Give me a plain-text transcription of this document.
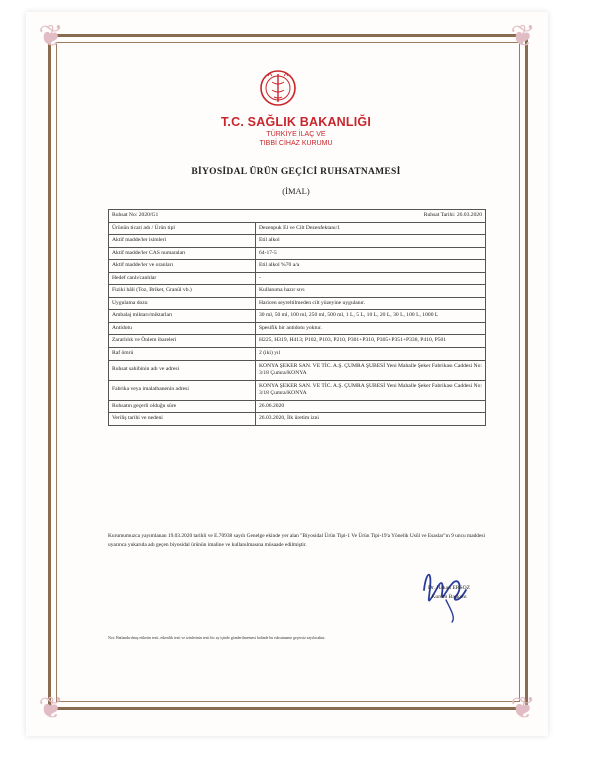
❦	❦
❦	❦
T.C. SAĞLIK BAKANLIĞI
TÜRKİYE İLAÇ VE
TIBBİ CİHAZ KURUMU
BİYOSİDAL ÜRÜN GEÇİCİ RUHSATNAMESİ
(İMAL)
Ruhsat No: 2020/G1 Ruhsat Tarihi: 26.03.2020	

Ürünün ticari adı / Ürün tipi	Dezenpuk El ve Cilt Dezenfektanı/1
Aktif madde/ler isimleri	Etil alkol
Aktif madde/ler CAS numaraları	64-17-5
Aktif madde/ler ve oranları	Etil alkol %70 a/a
Hedef canlı/canlılar	-
Fiziki hâli (Toz, Briket, Granül vb.)	Kullanıma hazır sıvı
Uygulama dozu	Haricen seyreltilmeden cilt yüzeyine uygulanır.
Ambalaj miktarı/miktarları	30 ml, 50 ml, 100 ml, 250 ml, 500 ml, 1 L, 5 L, 10 L, 20 L, 30 L, 100 L, 1000 L
Antidotu	Spesifik bir antidotu yoktur.
Zararlılık ve Önlem ibareleri	H225, H319, H413; P102, P103, P210, P301+P310, P305+P351+P338, P410, P501
Raf ömrü	2 (iki) yıl
Ruhsat sahibinin adı ve adresi	KONYA ŞEKER SAN. VE TİC. A.Ş. ÇUMRA ŞUBESİ Yeni Mahalle Şeker Fabrikası Caddesi No: 3/18 Çumra/KONYA
Fabrika veya imalathanenin adresi	KONYA ŞEKER SAN. VE TİC. A.Ş. ÇUMRA ŞUBESİ Yeni Mahalle Şeker Fabrikası Caddesi No: 3/18 Çumra/KONYA
Ruhsatın geçerli olduğu süre	26.06.2020
Veriliş tarihi ve nedeni	26.03.2020, İlk üretim izni
Kurumumuzca yayımlanan 19.03.2020 tarihli ve E.70938 sayılı Genelge ekinde yer alan "Biyosidal Ürün Tipi-1 Ve Ürün Tipi-19'a Yönelik Usûl ve Esaslar"ın 9 uncu maddesi uyarınca yukarıda adı geçen biyosidal ürünün imaline ve kullanılmasına müsaade edilmiştir.
Dr. Hakan ERSOZ
Kurum Başkanı
Not: Hatlandırılmış etiketin testi, etkenlik testi ve izinlerinin testi bir ay içinde gönderilmemesi halinde bu ruhsatname geçersiz sayılacaktır.
